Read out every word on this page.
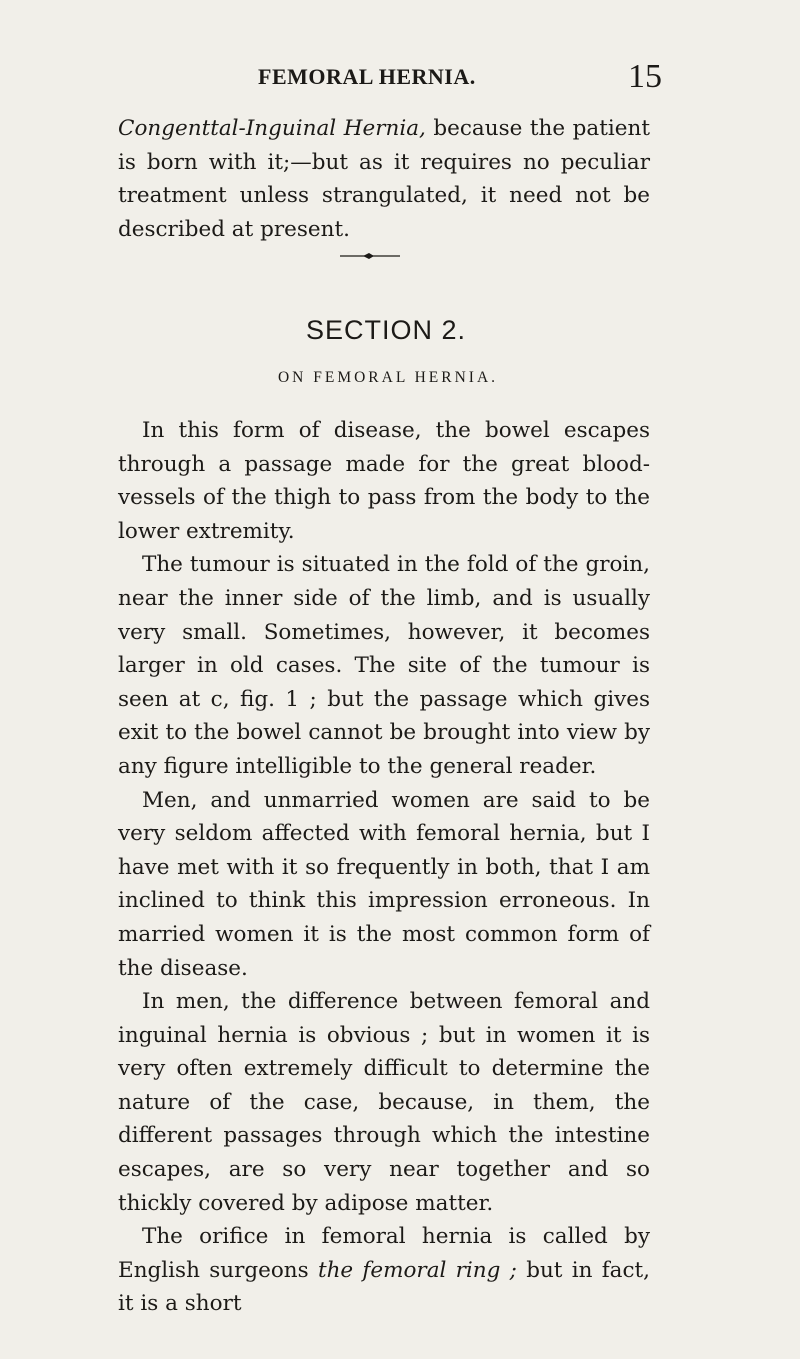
FEMORAL HERNIA.	15

Congenttal-Inguinal Hernia, because the patient is born with it;—but as it requires no peculiar treatment unless strangulated, it need not be described at present.

SECTION 2.
ON FEMORAL HERNIA.

In this form of disease, the bowel escapes through a passage made for the great blood-vessels of the thigh to pass from the body to the lower extremity.

The tumour is situated in the fold of the groin, near the inner side of the limb, and is usually very small. Sometimes, however, it becomes larger in old cases. The site of the tumour is seen at c, fig. 1 ; but the passage which gives exit to the bowel cannot be brought into view by any figure intelligible to the general reader.

Men, and unmarried women are said to be very seldom affected with femoral hernia, but I have met with it so frequently in both, that I am inclined to think this impression erroneous. In married women it is the most common form of the disease.

In men, the difference between femoral and inguinal hernia is obvious ; but in women it is very often extremely difficult to determine the nature of the case, because, in them, the different passages through which the intestine escapes, are so very near together and so thickly covered by adipose matter.

The orifice in femoral hernia is called by English surgeons the femoral ring ; but in fact, it is a short
